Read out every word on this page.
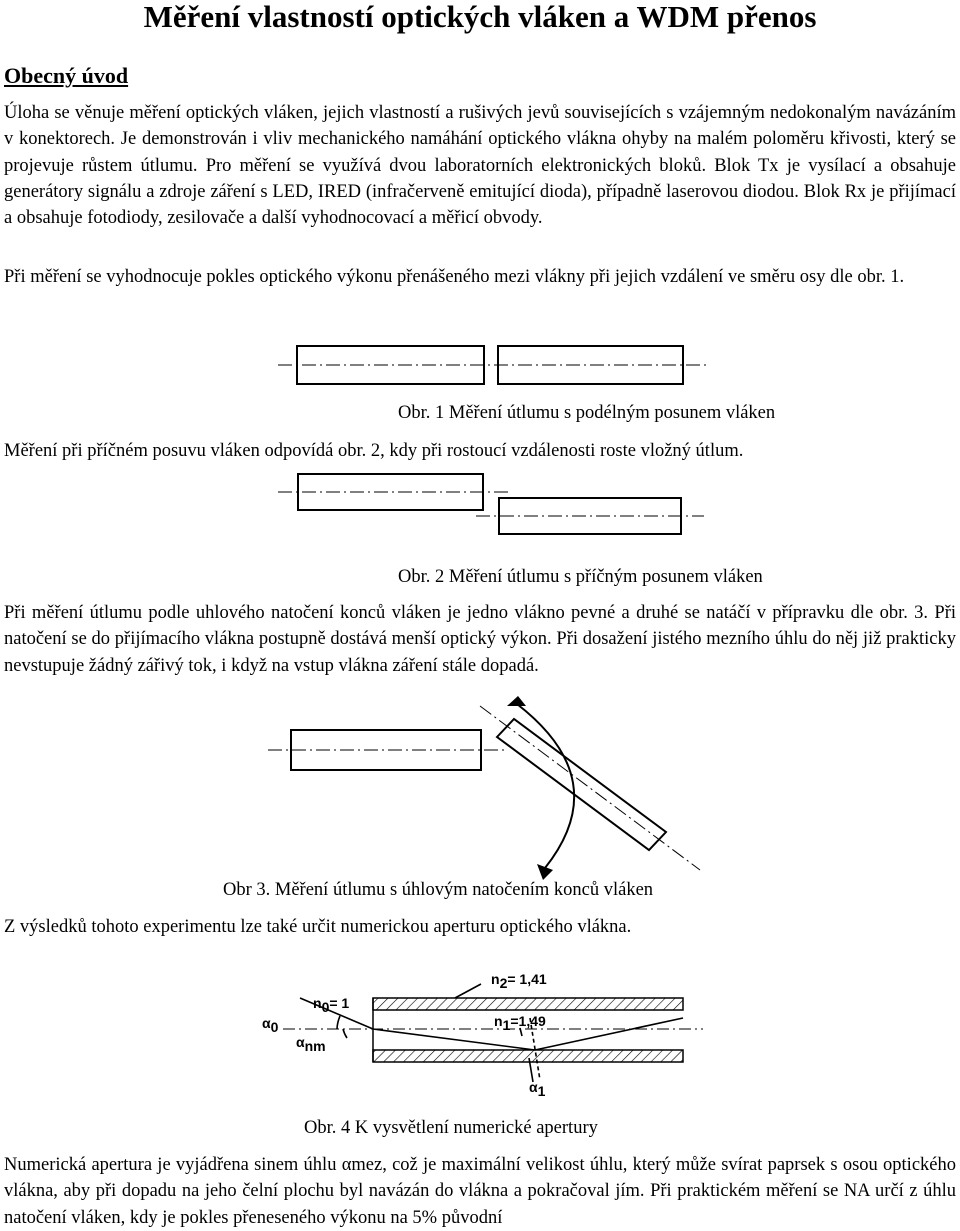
Měření vlastností optických vláken a WDM přenos
Obecný úvod

Úloha se věnuje měření optických vláken, jejich vlastností a rušivých jevů souvisejících s vzájemným nedokonalým navázáním v konektorech. Je demonstrován i vliv mechanického namáhání optického vlákna ohyby na malém poloměru křivosti, který se projevuje růstem útlumu. Pro měření se využívá dvou laboratorních elektronických bloků. Blok Tx je vysílací a obsahuje generátory signálu a zdroje záření s LED, IRED (infračerveně emitující dioda), případně laserovou diodou. Blok Rx je přijímací a obsahuje fotodiody, zesilovače a další vyhodnocovací a měřicí obvody.

Při měření se vyhodnocuje pokles optického výkonu přenášeného mezi vlákny při jejich vzdálení ve směru osy dle obr. 1.

Obr. 1 Měření útlumu s podélným posunem vláken

Měření při příčném posuvu vláken odpovídá obr. 2, kdy při rostoucí vzdálenosti roste vložný útlum.

Obr. 2 Měření útlumu s příčným posunem vláken

Při měření útlumu podle uhlového natočení konců vláken je jedno vlákno pevné a druhé se natáčí v přípravku dle obr. 3. Při natočení se do přijímacího vlákna postupně dostává menší optický výkon. Při dosažení jistého mezního úhlu do něj již prakticky nevstupuje žádný zářivý tok, i když na vstup vlákna záření stále dopadá.

Obr 3. Měření útlumu s úhlovým natočením konců vláken

Z výsledků tohoto experimentu lze také určit numerickou aperturu optického vlákna.

n2= 1,41
n0= 1
n1=1,49
α0
αnm
α1

Obr. 4 K vysvětlení numerické apertury

Numerická apertura je vyjádřena sinem úhlu αmez, což je maximální velikost úhlu, který může svírat paprsek s osou optického vlákna, aby při dopadu na jeho čelní plochu byl navázán do vlákna a pokračoval jím. Při praktickém měření se NA určí z úhlu natočení vláken, kdy je pokles přeneseného výkonu na 5% původní
